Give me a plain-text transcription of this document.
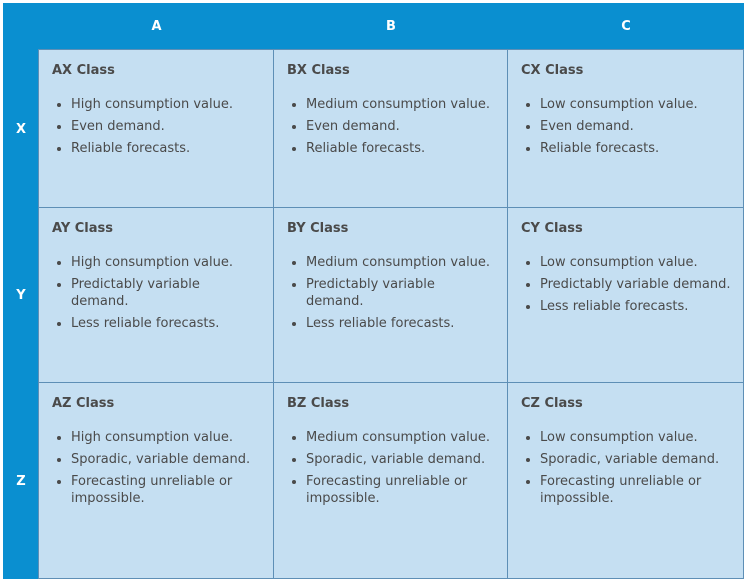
A	B	C
X
Y
Z
AX Class
• High consumption value.
• Even demand.
• Reliable forecasts.
BX Class
• Medium consumption value.
• Even demand.
• Reliable forecasts.
CX Class
• Low consumption value.
• Even demand.
• Reliable forecasts.
AY Class
• High consumption value.
• Predictably variable demand.
• Less reliable forecasts.
BY Class
• Medium consumption value.
• Predictably variable demand.
• Less reliable forecasts.
CY Class
• Low consumption value.
• Predictably variable demand.
• Less reliable forecasts.
AZ Class
• High consumption value.
• Sporadic, variable demand.
• Forecasting unreliable or impossible.
BZ Class
• Medium consumption value.
• Sporadic, variable demand.
• Forecasting unreliable or impossible.
CZ Class
• Low consumption value.
• Sporadic, variable demand.
• Forecasting unreliable or impossible.
